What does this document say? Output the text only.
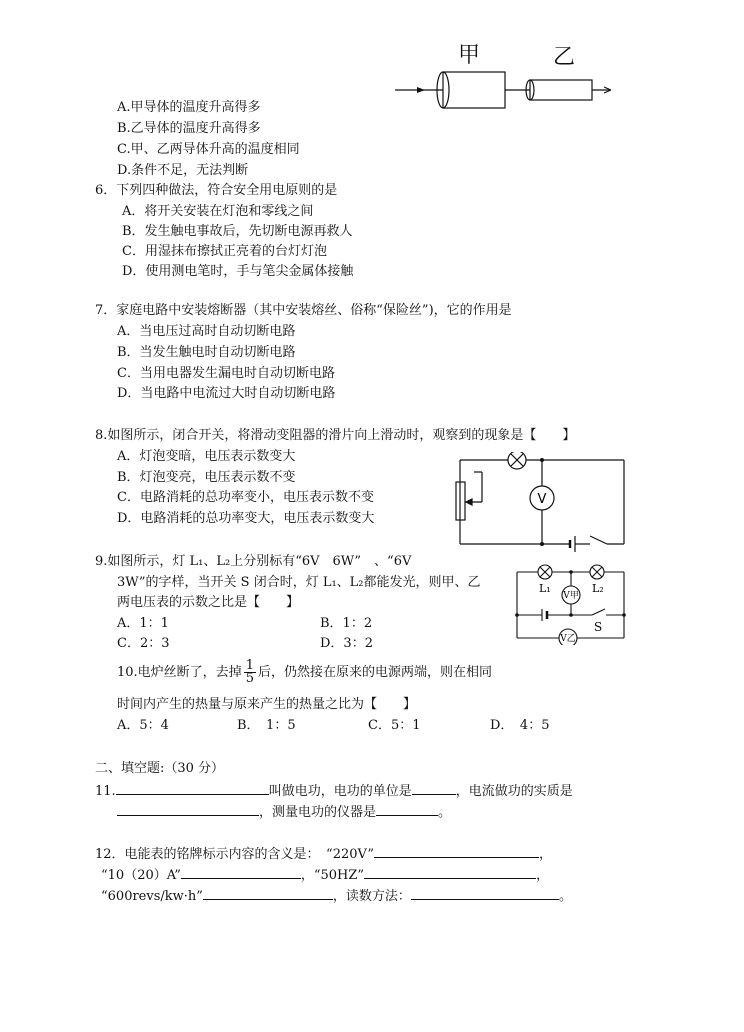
甲	乙
A.甲导体的温度升高得多
B.乙导体的温度升高得多
C.甲、乙两导体升高的温度相同
D.条件不足，无法判断
6．下列四种做法，符合安全用电原则的是
A．将开关安装在灯泡和零线之间
B．发生触电事故后，先切断电源再救人
C．用湿抹布擦拭正亮着的台灯灯泡
D．使用测电笔时，手与笔尖金属体接触
7．家庭电路中安装熔断器（其中安装熔丝、俗称“保险丝”)，它的作用是
A．当电压过高时自动切断电路
B．当发生触电时自动切断电路
C．当用电器发生漏电时自动切断电路
D．当电路中电流过大时自动切断电路
8.如图所示，闭合开关，将滑动变阻器的滑片向上滑动时，观察到的现象是【　　】
A．灯泡变暗，电压表示数变大
B．灯泡变亮，电压表示数不变
C．电路消耗的总功率变小，电压表示数不变
D．电路消耗的总功率变大，电压表示数变大
V
9.如图所示，灯 L₁、L₂上分别标有“6V　6W”　、“6V
3W”的字样，当开关 S 闭合时，灯 L₁、L₂都能发光，则甲、乙
两电压表的示数之比是【　　】
A．1：1	B．1：2
C．2：3	D．3：2
L₁	L₂
V甲
V乙
S
10.电炉丝断了，去掉 $\frac{1}{5}$ 后，仍然接在原来的电源两端，则在相同
时间内产生的热量与原来产生的热量之比为【　　】
A．5：4	B．　1：5	C．5：1	D．　4：5
二、填空题:（30 分）
11.	叫做电功，电功的单位是	，电流做功的实质是
，测量电功的仪器是	。
12．电能表的铭牌标示内容的含义是：　“220V”	，
“10（20）A”	，“50HZ”	，
“600revs/kw·h”	，读数方法：	。
